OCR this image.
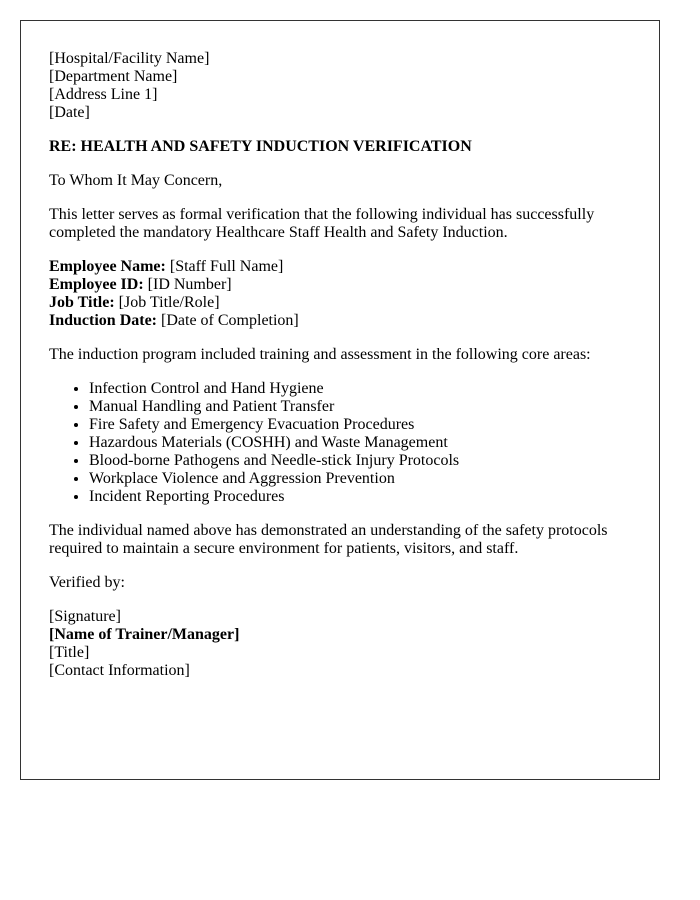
[Hospital/Facility Name]
[Department Name]
[Address Line 1]
[Date]
RE: HEALTH AND SAFETY INDUCTION VERIFICATION

To Whom It May Concern,

This letter serves as formal verification that the following individual has successfully
completed the mandatory Healthcare Staff Health and Safety Induction.

Employee Name: [Staff Full Name]
Employee ID: [ID Number]
Job Title: [Job Title/Role]
Induction Date: [Date of Completion]

The induction program included training and assessment in the following core areas:

• Infection Control and Hand Hygiene
• Manual Handling and Patient Transfer
• Fire Safety and Emergency Evacuation Procedures
• Hazardous Materials (COSHH) and Waste Management
• Blood-borne Pathogens and Needle-stick Injury Protocols
• Workplace Violence and Aggression Prevention
• Incident Reporting Procedures

The individual named above has demonstrated an understanding of the safety protocols
required to maintain a secure environment for patients, visitors, and staff.

Verified by:

[Signature]
[Name of Trainer/Manager]
[Title]
[Contact Information]
